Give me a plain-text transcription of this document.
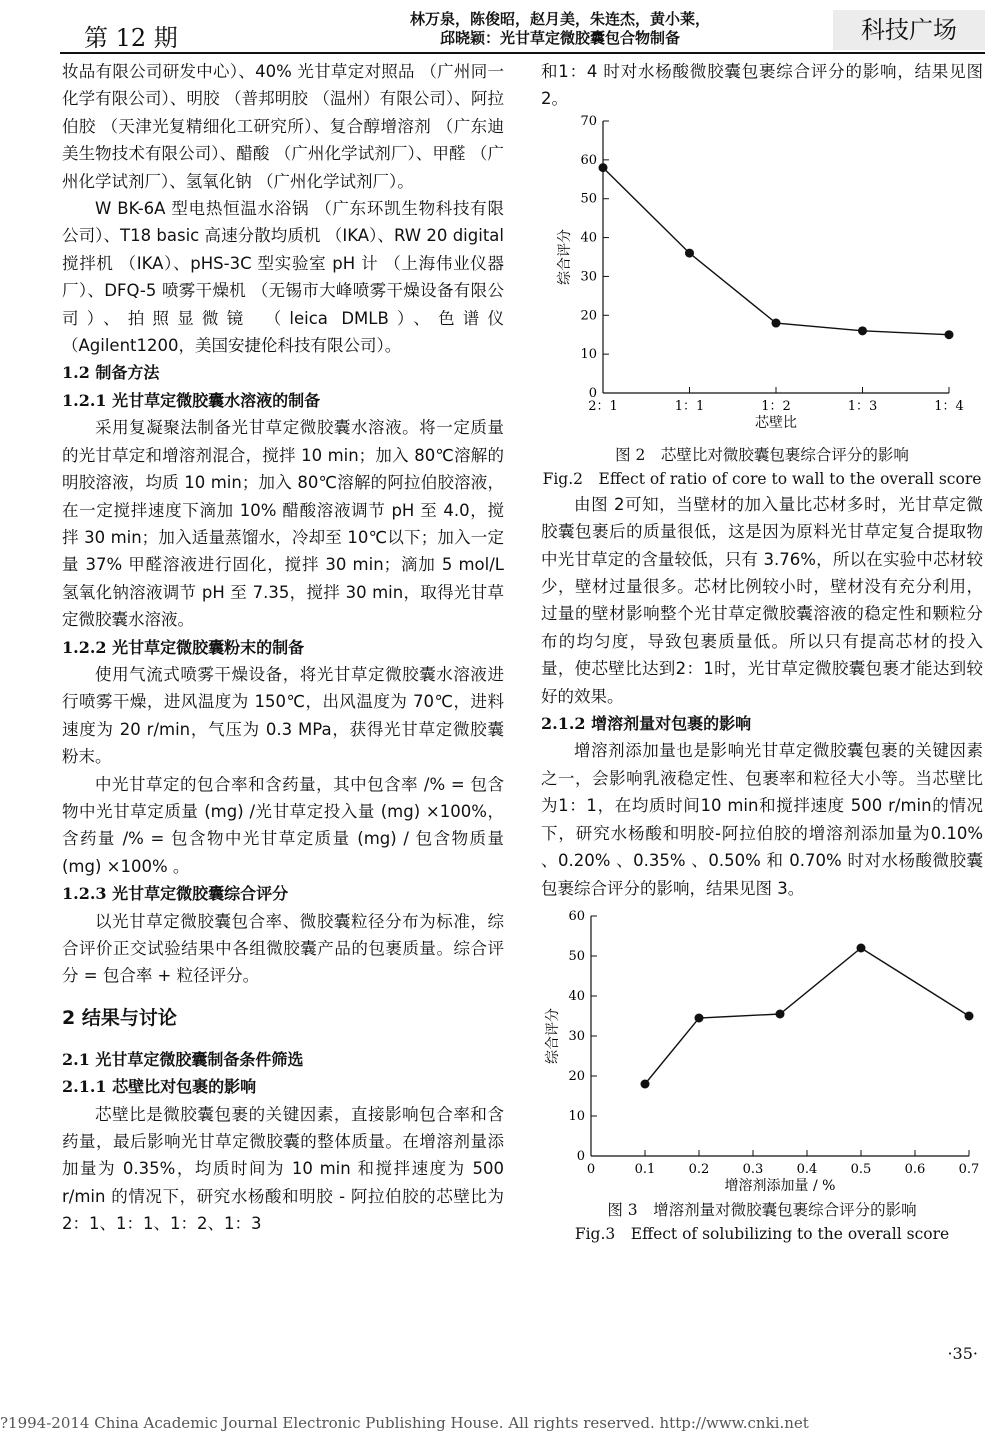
第 12 期
林万泉，陈俊昭，赵月美，朱连杰，黄小莱，
邱晓颖：光甘草定微胶囊包合物制备	科技广场

妆品有限公司研发中心）、40% 光甘草定对照品 （广州同一化学有限公司）、明胶 （普邦明胶 （温州）有限公司）、阿拉伯胶 （天津光复精细化工研究所）、复合醇增溶剂 （广东迪美生物技术有限公司）、醋酸 （广州化学试剂厂）、甲醛 （广州化学试剂厂）、氢氧化钠 （广州化学试剂厂）。

W BK-6A 型电热恒温水浴锅 （广东环凯生物科技有限公司）、T18 basic 高速分散均质机 （IKA）、RW 20 digital 搅拌机 （IKA）、pHS-3C 型实验室 pH 计 （上海伟业仪器厂）、DFQ-5 喷雾干燥机 （无锡市大峰喷雾干燥设备有限公司）、拍照显微镜 （leica DMLB）、色谱仪 （Agilent1200，美国安捷伦科技有限公司）。

1.2 制备方法
1.2.1 光甘草定微胶囊水溶液的制备

采用复凝聚法制备光甘草定微胶囊水溶液。将一定质量的光甘草定和增溶剂混合，搅拌 10 min；加入 80℃溶解的明胶溶液，均质 10 min；加入 80℃溶解的阿拉伯胶溶液，在一定搅拌速度下滴加 10% 醋酸溶液调节 pH 至 4.0，搅拌 30 min；加入适量蒸馏水，冷却至 10℃以下；加入一定量 37% 甲醛溶液进行固化，搅拌 30 min；滴加 5 mol/L 氢氧化钠溶液调节 pH 至 7.35，搅拌 30 min，取得光甘草定微胶囊水溶液。

1.2.2 光甘草定微胶囊粉末的制备

使用气流式喷雾干燥设备，将光甘草定微胶囊水溶液进行喷雾干燥，进风温度为 150℃，出风温度为 70℃，进料速度为 20 r/min，气压为 0.3 MPa，获得光甘草定微胶囊粉末。

中光甘草定的包合率和含药量，其中包含率 /% = 包含物中光甘草定质量 (mg) /光甘草定投入量 (mg) ×100%，含药量 /% = 包含物中光甘草定质量 (mg) / 包含物质量 (mg) ×100% 。

1.2.3 光甘草定微胶囊综合评分

以光甘草定微胶囊包合率、微胶囊粒径分布为标准，综合评价正交试验结果中各组微胶囊产品的包裹质量。综合评分 = 包合率 + 粒径评分。

2 结果与讨论
2.1 光甘草定微胶囊制备条件筛选
2.1.1 芯壁比对包裹的影响

芯壁比是微胶囊包裹的关键因素，直接影响包合率和含药量，最后影响光甘草定微胶囊的整体质量。在增溶剂量添加量为 0.35%，均质时间为 10 min 和搅拌速度为 500 r/min 的情况下，研究水杨酸和明胶 - 阿拉伯胶的芯壁比为2：1、1：1、1：2、1：3

和1：4 时对水杨酸微胶囊包裹综合评分的影响，结果见图 2。

0
10
20
30
40
50
60
70
2：1	1：1	1：2	1：3	1：4
芯壁比
综合评分
图 2　芯壁比对微胶囊包裹综合评分的影响
Fig.2　Effect of ratio of core to wall to the overall score

由图 2可知，当壁材的加入量比芯材多时，光甘草定微胶囊包裹后的质量很低，这是因为原料光甘草定复合提取物中光甘草定的含量较低，只有 3.76%，所以在实验中芯材较少，壁材过量很多。芯材比例较小时，壁材没有充分利用，过量的壁材影响整个光甘草定微胶囊溶液的稳定性和颗粒分布的均匀度，导致包裹质量低。所以只有提高芯材的投入量，使芯壁比达到2：1时，光甘草定微胶囊包裹才能达到较好的效果。

2.1.2 增溶剂量对包裹的影响

增溶剂添加量也是影响光甘草定微胶囊包裹的关键因素之一，会影响乳液稳定性、包裹率和粒径大小等。当芯壁比为1：1，在均质时间10 min和搅拌速度 500 r/min的情况下，研究水杨酸和明胶-阿拉伯胶的增溶剂添加量为0.10% 、0.20% 、0.35% 、0.50% 和 0.70% 时对水杨酸微胶囊包裹综合评分的影响，结果见图 3。

0
10
20
30
40
50
60
0	0.1	0.2	0.3	0.4	0.5	0.6	0.7
增溶剂添加量 / %
综合评分
图 3　增溶剂量对微胶囊包裹综合评分的影响
Fig.3　Effect of solubilizing to the overall score
·35·
?1994-2014 China Academic Journal Electronic Publishing House. All rights reserved. http://www.cnki.net
